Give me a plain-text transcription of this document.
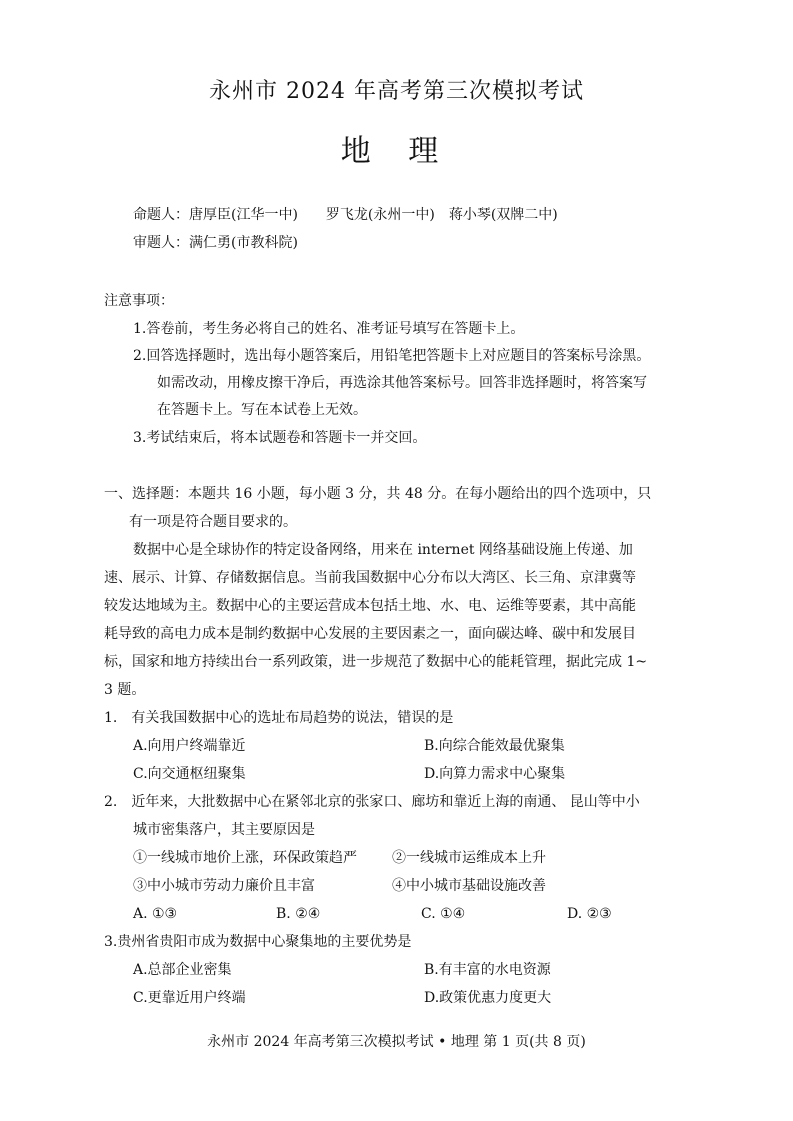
永州市 2024 年高考第三次模拟考试
地 理
命题人：唐厚臣(江华一中)　　罗飞龙(永州一中)　蒋小琴(双牌二中)
审题人：满仁勇(市教科院)
注意事项：
1.答卷前，考生务必将自己的姓名、准考证号填写在答题卡上。
2.回答选择题时，选出每小题答案后，用铅笔把答题卡上对应题目的答案标号涂黑。
如需改动，用橡皮擦干净后，再选涂其他答案标号。回答非选择题时，将答案写
在答题卡上。写在本试卷上无效。
3.考试结束后，将本试题卷和答题卡一并交回。
一、选择题：本题共 16 小题，每小题 3 分，共 48 分。在每小题给出的四个选项中，只
有一项是符合题目要求的。
数据中心是全球协作的特定设备网络，用来在 internet 网络基础设施上传递、加
速、展示、计算、存储数据信息。当前我国数据中心分布以大湾区、长三角、京津冀等
较发达地域为主。数据中心的主要运营成本包括土地、水、电、运维等要素，其中高能
耗导致的高电力成本是制约数据中心发展的主要因素之一，面向碳达峰、碳中和发展目
标，国家和地方持续出台一系列政策，进一步规范了数据中心的能耗管理，据此完成 1~
3 题。
1.　有关我国数据中心的选址布局趋势的说法，错误的是
A.向用户终端靠近	B.向综合能效最优聚集
C.向交通枢纽聚集	D.向算力需求中心聚集
2.　近年来，大批数据中心在紧邻北京的张家口、廊坊和靠近上海的南通、 昆山等中小
城市密集落户，其主要原因是
①一线城市地价上涨，环保政策趋严	②一线城市运维成本上升
③中小城市劳动力廉价且丰富	④中小城市基础设施改善
A. ①③	B. ②④	C. ①④	D. ②③
3.贵州省贵阳市成为数据中心聚集地的主要优势是
A.总部企业密集	B.有丰富的水电资源
C.更靠近用户终端	D.政策优惠力度更大
永州市 2024 年高考第三次模拟考试 • 地理 第 1 页(共 8 页)
